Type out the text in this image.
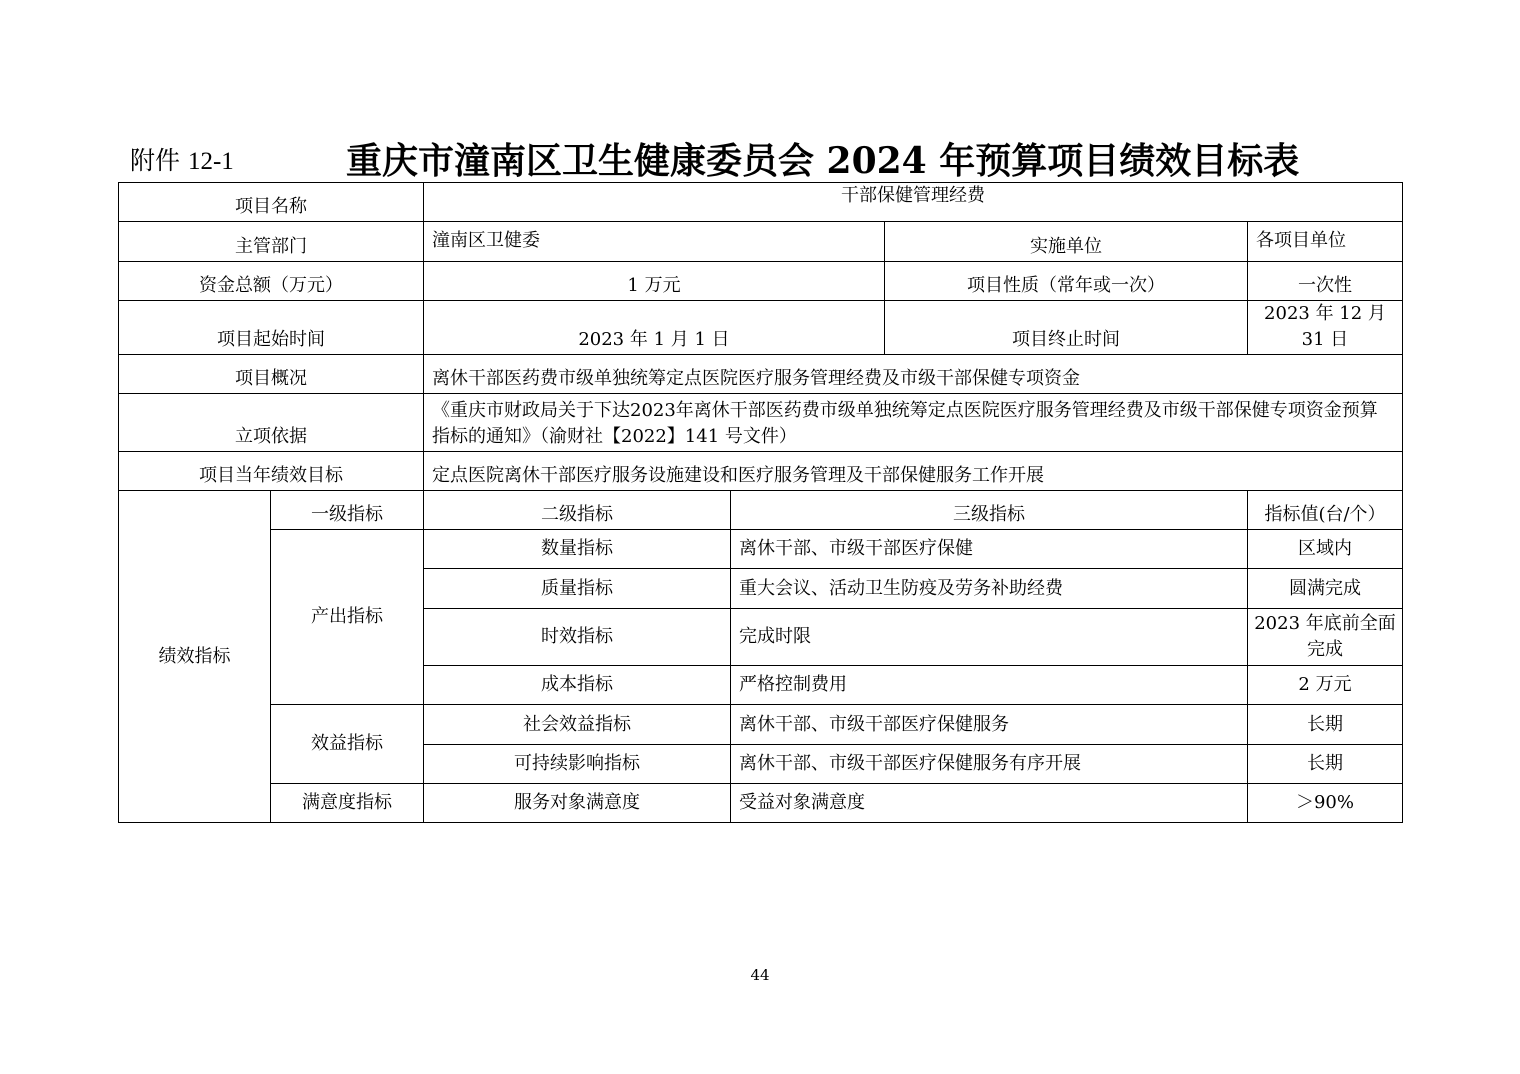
附件 12-1	重庆市潼南区卫生健康委员会 2024 年预算项目绩效目标表
项目名称		干部保健管理经费			
主管部门		潼南区卫健委		实施单位	各项目单位
资金总额（万元）		1 万元		项目性质（常年或一次）	一次性
项目起始时间		2023 年 1 月 1 日		项目终止时间	2023 年 12 月 31 日
项目概况		离休干部医药费市级单独统筹定点医院医疗服务管理经费及市级干部保健专项资金			
立项依据		《重庆市财政局关于下达2023年离休干部医药费市级单独统筹定点医院医疗服务管理经费及市级干部保健专项资金预算指标的通知》（渝财社【2022】141 号文件）			
项目当年绩效目标		定点医院离休干部医疗服务设施建设和医疗服务管理及干部保健服务工作开展			
绩效指标	一级指标	二级指标	三级指标		指标值(台/个）
	产出指标	数量指标	离休干部、市级干部医疗保健		区域内
		质量指标	重大会议、活动卫生防疫及劳务补助经费		圆满完成
		时效指标	完成时限		2023 年底前全面完成
		成本指标	严格控制费用		2 万元
	效益指标	社会效益指标	离休干部、市级干部医疗保健服务		长期
		可持续影响指标	离休干部、市级干部医疗保健服务有序开展		长期
	满意度指标	服务对象满意度	受益对象满意度		＞90%
44
